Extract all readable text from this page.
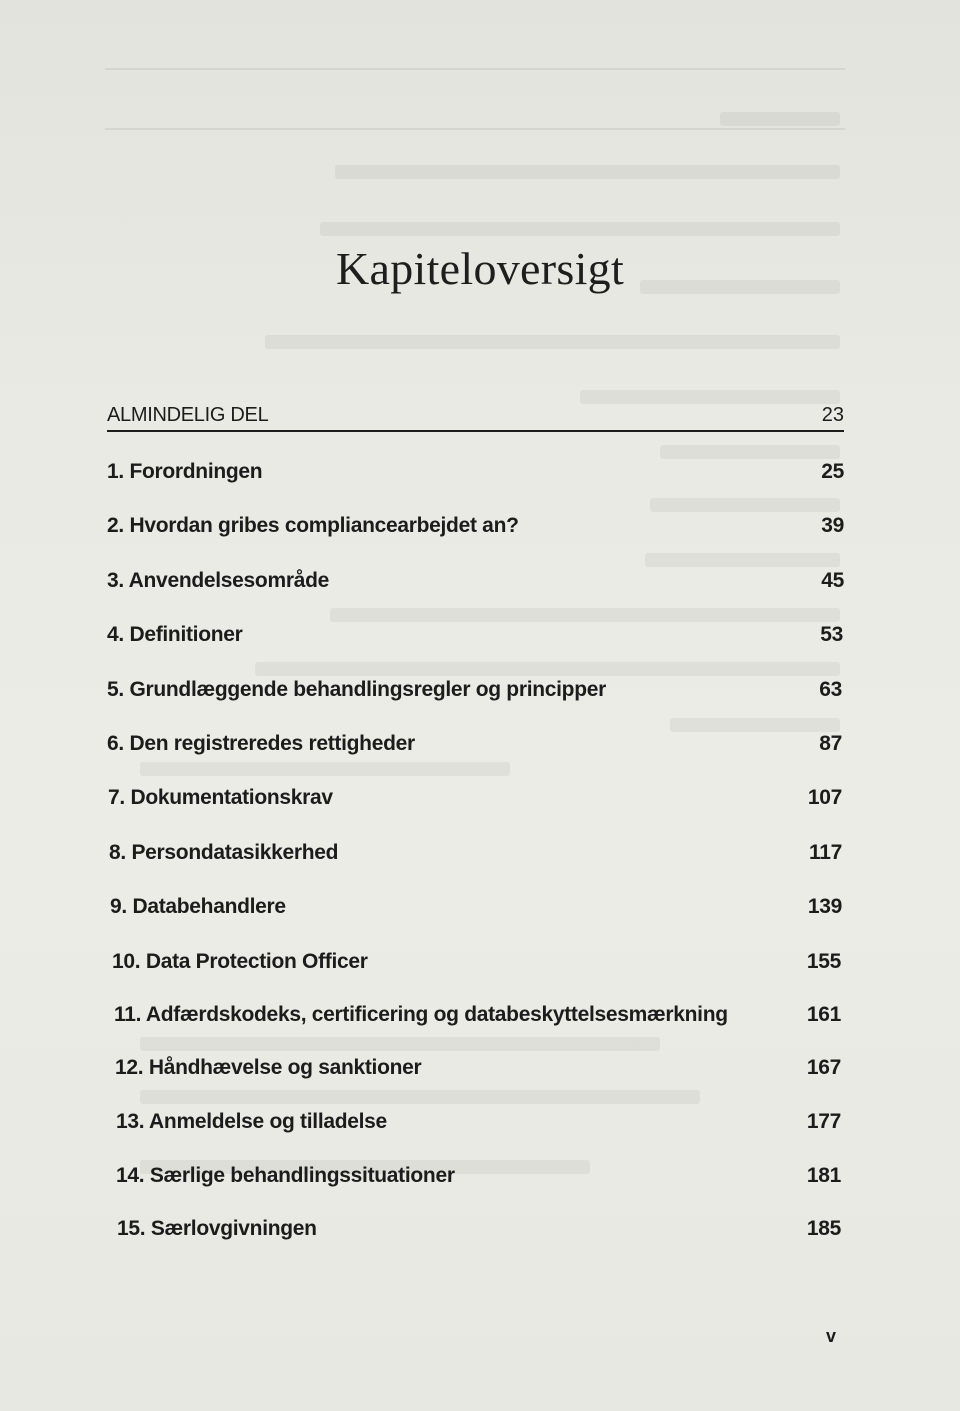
Kapiteloversigt
ALMINDELIG DEL	23
1. Forordningen	25
2. Hvordan gribes compliancearbejdet an?	39
3. Anvendelsesområde	45
4. Definitioner	53
5. Grundlæggende behandlingsregler og principper	63
6. Den registreredes rettigheder	87
7. Dokumentationskrav	107
8. Persondatasikkerhed	117
9. Databehandlere	139
10. Data Protection Officer	155
11. Adfærdskodeks, certificering og databeskyttelsesmærkning	161
12. Håndhævelse og sanktioner	167
13. Anmeldelse og tilladelse	177
14. Særlige behandlingssituationer	181
15. Særlovgivningen	185
v
